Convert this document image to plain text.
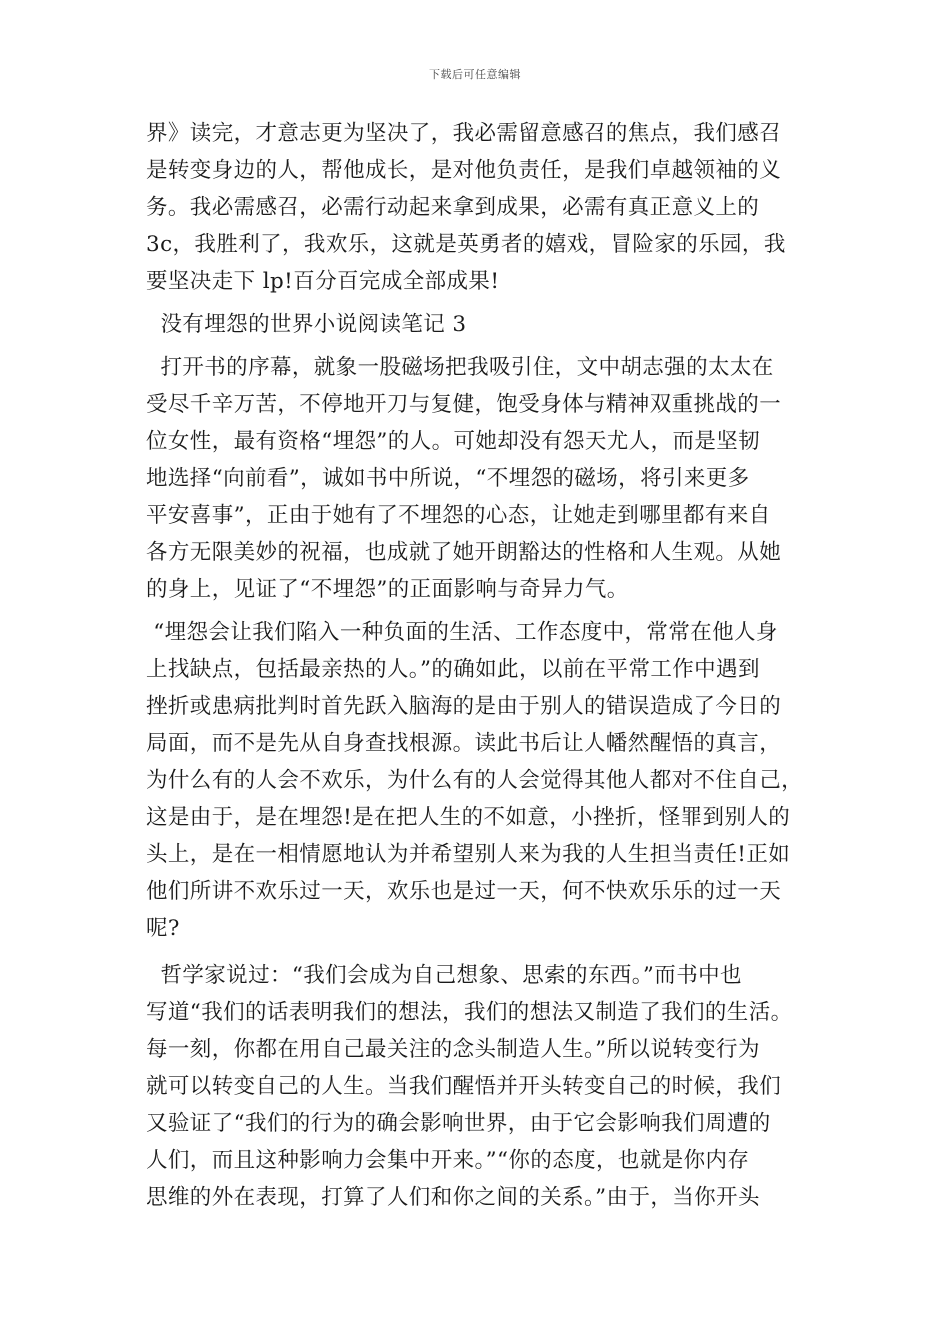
下载后可任意编辑
界》读完，才意志更为坚决了，我必需留意感召的焦点，我们感召
是转变身边的人，帮他成长，是对他负责任，是我们卓越领袖的义
务。我必需感召，必需行动起来拿到成果，必需有真正意义上的
3c，我胜利了，我欢乐，这就是英勇者的嬉戏，冒险家的乐园，我
要坚决走下 lp!百分百完成全部成果!
没有埋怨的世界小说阅读笔记 3
打开书的序幕，就象一股磁场把我吸引住，文中胡志强的太太在
受尽千辛万苦，不停地开刀与复健，饱受身体与精神双重挑战的一
位女性，最有资格“埋怨”的人。可她却没有怨天尤人，而是坚韧
地选择“向前看”，诚如书中所说，“不埋怨的磁场，将引来更多
平安喜事”，正由于她有了不埋怨的心态，让她走到哪里都有来自
各方无限美妙的祝福，也成就了她开朗豁达的性格和人生观。从她
的身上，见证了“不埋怨”的正面影响与奇异力气。
“埋怨会让我们陷入一种负面的生活、工作态度中，常常在他人身
上找缺点，包括最亲热的人。”的确如此，以前在平常工作中遇到
挫折或患病批判时首先跃入脑海的是由于别人的错误造成了今日的
局面，而不是先从自身查找根源。读此书后让人幡然醒悟的真言，
为什么有的人会不欢乐，为什么有的人会觉得其他人都对不住自己，
这是由于，是在埋怨!是在把人生的不如意，小挫折，怪罪到别人的
头上，是在一相情愿地认为并希望别人来为我的人生担当责任!正如
他们所讲不欢乐过一天，欢乐也是过一天，何不快欢乐乐的过一天
呢?
哲学家说过：“我们会成为自己想象、思索的东西。”而书中也
写道“我们的话表明我们的想法，我们的想法又制造了我们的生活。
每一刻，你都在用自己最关注的念头制造人生。”所以说转变行为
就可以转变自己的人生。当我们醒悟并开头转变自己的时候，我们
又验证了“我们的行为的确会影响世界，由于它会影响我们周遭的
人们，而且这种影响力会集中开来。”“你的态度，也就是你内存
思维的外在表现，打算了人们和你之间的关系。”由于，当你开头
